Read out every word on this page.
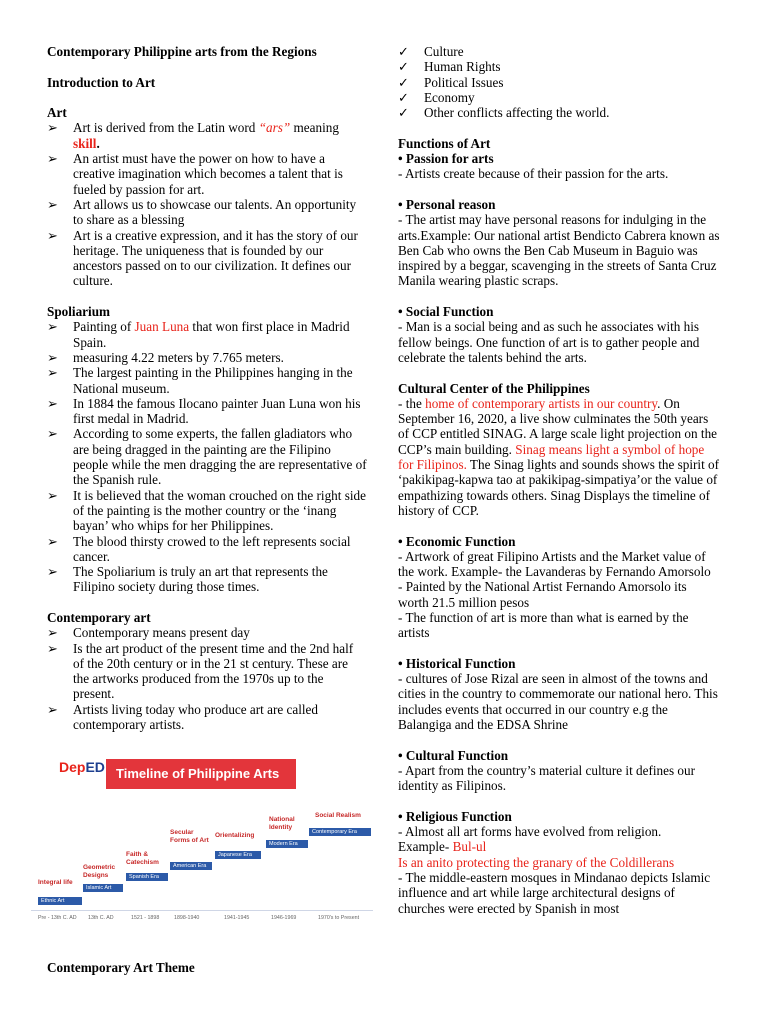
Contemporary Philippine arts from the Regions
Introduction to Art
Art
➢ Art is derived from the Latin word “ars” meaning
skill.
➢ An artist must have the power on how to have a creative imagination which becomes a talent that is fueled by passion for art.
➢ Art allows us to showcase our talents. An opportunity to share as a blessing
➢ Art is a creative expression, and it has the story of our heritage. The uniqueness that is founded by our ancestors passed on to our civilization. It defines our culture.
Spoliarium
➢ Painting of Juan Luna that won first place in Madrid Spain.
➢ measuring 4.22 meters by 7.765 meters.
➢ The largest painting in the Philippines hanging in the National museum.
➢ In 1884 the famous Ilocano painter Juan Luna won his first medal in Madrid.
➢ According to some experts, the fallen gladiators who are being dragged in the painting are the Filipino people while the men dragging the are representative of the Spanish rule.
➢ It is believed that the woman crouched on the right side of the painting is the mother country or the ‘inang bayan’ who whips for her Philippines.
➢ The blood thirsty crowed to the left represents social cancer.
➢ The Spoliarium is truly an art that represents the Filipino society during those times.
Contemporary art
➢ Contemporary means present day
➢ Is the art product of the present time and the 2nd half of the 20th century or in the 21 st century. These are the artworks produced from the 1970s up to the present.
➢ Artists living today who produce art are called contemporary artists.
DepED Timeline of Philippine Arts
Integral life
Ethnic Art
Geometric Designs
Islamic Art
Faith & Catechism
Spanish Era
Secular Forms of Art
American Era
Orientalizing
Japanese Era
National Identity
Modern Era
Social Realism
Contemporary Era
Pre - 13th C. AD 13th C. AD	1521 - 1898	1898-1940	1941-1945	1946-1969	1970's to Present
Contemporary Art Theme
✓ Culture
✓ Human Rights
✓ Political Issues
✓ Economy
✓ Other conflicts affecting the world.
Functions of Art
• Passion for arts
- Artists create because of their passion for the arts.
• Personal reason
- The artist may have personal reasons for indulging in the arts.Example: Our national artist Bendicto Cabrera known as Ben Cab who owns the Ben Cab Museum in Baguio was inspired by a beggar, scavenging in the streets of Santa Cruz Manila wearing plastic scraps.
• Social Function
- Man is a social being and as such he associates with his fellow beings. One function of art is to gather people and celebrate the talents behind the arts.
Cultural Center of the Philippines
- the home of contemporary artists in our country. On September 16, 2020, a live show culminates the 50th years of CCP entitled SINAG. A large scale light projection on the CCP’s main building. Sinag means light a symbol of hope for Filipinos. The Sinag lights and sounds shows the spirit of ‘pakikipag-kapwa tao at pakikipag-simpatiya’or the value of empathizing towards others. Sinag Displays the timeline of history of CCP.
• Economic Function
- Artwork of great Filipino Artists and the Market value of the work. Example- the Lavanderas by Fernando Amorsolo
- Painted by the National Artist Fernando Amorsolo its worth 21.5 million pesos
- The function of art is more than what is earned by the artists
• Historical Function
- cultures of Jose Rizal are seen in almost of the towns and cities in the country to commemorate our national hero. This includes events that occurred in our country e.g the Balangiga and the EDSA Shrine
• Cultural Function
- Apart from the country’s material culture it defines our identity as Filipinos.
• Religious Function
- Almost all art forms have evolved from religion.
Example- Bul-ul
Is an anito protecting the granary of the Coldillerans
- The middle-eastern mosques in Mindanao depicts Islamic influence and art while large architectural designs of churches were erected by Spanish in most
